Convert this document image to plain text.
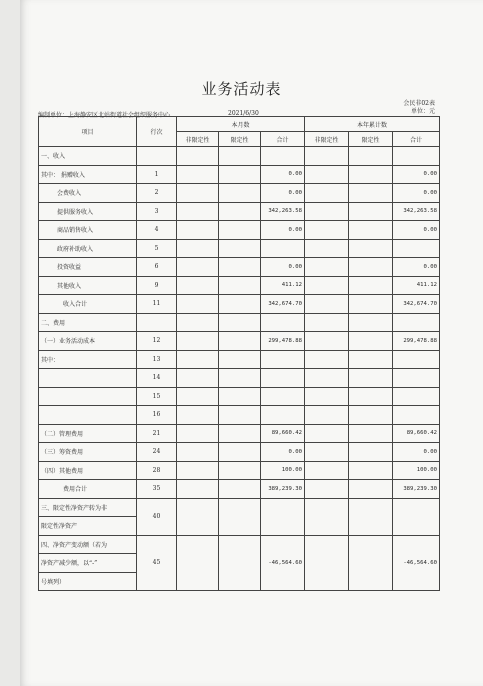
业务活动表
会民非02表
单位：元
编制单位：上海静安区北站街道社会组织服务中心	2021/6/30
项目	行次	本月数			本年累计数		
		非限定性	限定性	合计	非限定性	限定性	合计
一、收入							
其中： 捐赠收入	1			0.00			0.00
会费收入	2			0.00			0.00
提供服务收入	3			342,263.58			342,263.58
商品销售收入	4			0.00			0.00
政府补助收入	5						
投资收益	6			0.00			0.00
其他收入	9			411.12			411.12
收入合计	11			342,674.70			342,674.70
二、费用							
（一）业务活动成本	12			299,478.88			299,478.88
其中：	13						
	14						
	15						
	16						
（二）管理费用	21			89,660.42			89,660.42
（三）筹资费用	24			0.00			0.00
（四）其他费用	28			100.00			100.00
费用合计	35			389,239.30			389,239.30
三、限定性净资产转为非	40						
限定性净资产							
四、净资产变动额（若为	45			-46,564.60			-46,564.60
净资产减少额，以“-”							
号填列）							
